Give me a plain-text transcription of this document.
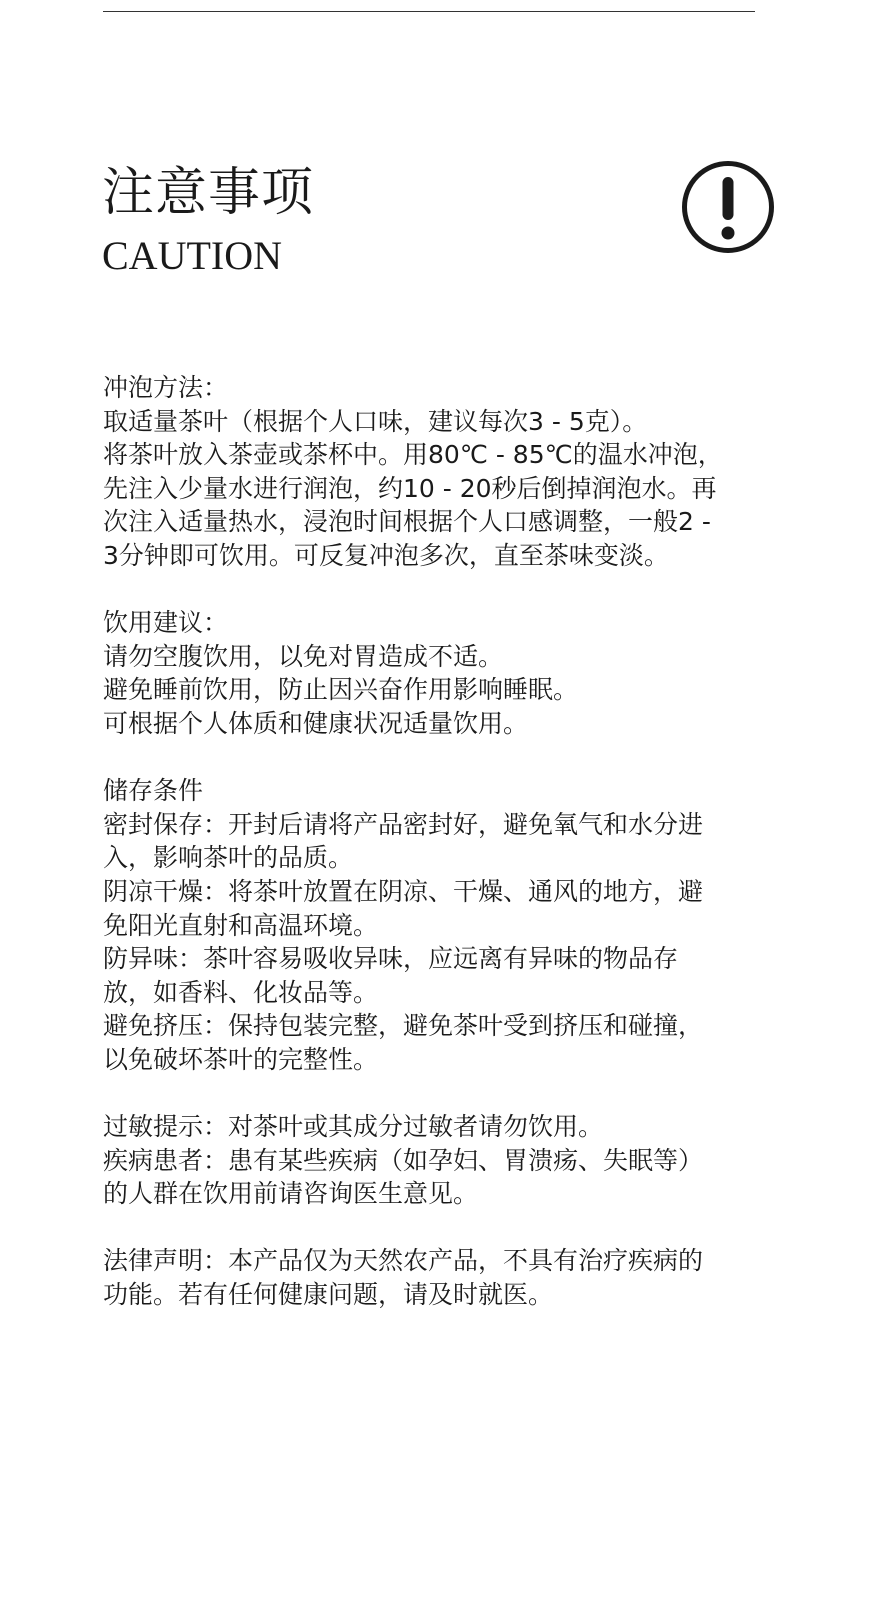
注意事项
CAUTION
冲泡方法：
取适量茶叶（根据个人口味，建议每次3 - 5克）。
将茶叶放入茶壶或茶杯中。用80℃ - 85℃的温水冲泡，
先注入少量水进行润泡，约10 - 20秒后倒掉润泡水。再
次注入适量热水，浸泡时间根据个人口感调整，一般2 -
3分钟即可饮用。可反复冲泡多次，直至茶味变淡。
饮用建议：
请勿空腹饮用，以免对胃造成不适。
避免睡前饮用，防止因兴奋作用影响睡眠。
可根据个人体质和健康状况适量饮用。
储存条件
密封保存：开封后请将产品密封好，避免氧气和水分进
入，影响茶叶的品质。
阴凉干燥：将茶叶放置在阴凉、干燥、通风的地方，避
免阳光直射和高温环境。
防异味：茶叶容易吸收异味，应远离有异味的物品存
放，如香料、化妆品等。
避免挤压：保持包装完整，避免茶叶受到挤压和碰撞，
以免破坏茶叶的完整性。
过敏提示：对茶叶或其成分过敏者请勿饮用。
疾病患者：患有某些疾病（如孕妇、胃溃疡、失眠等）
的人群在饮用前请咨询医生意见。
法律声明：本产品仅为天然农产品，不具有治疗疾病的
功能。若有任何健康问题，请及时就医。
